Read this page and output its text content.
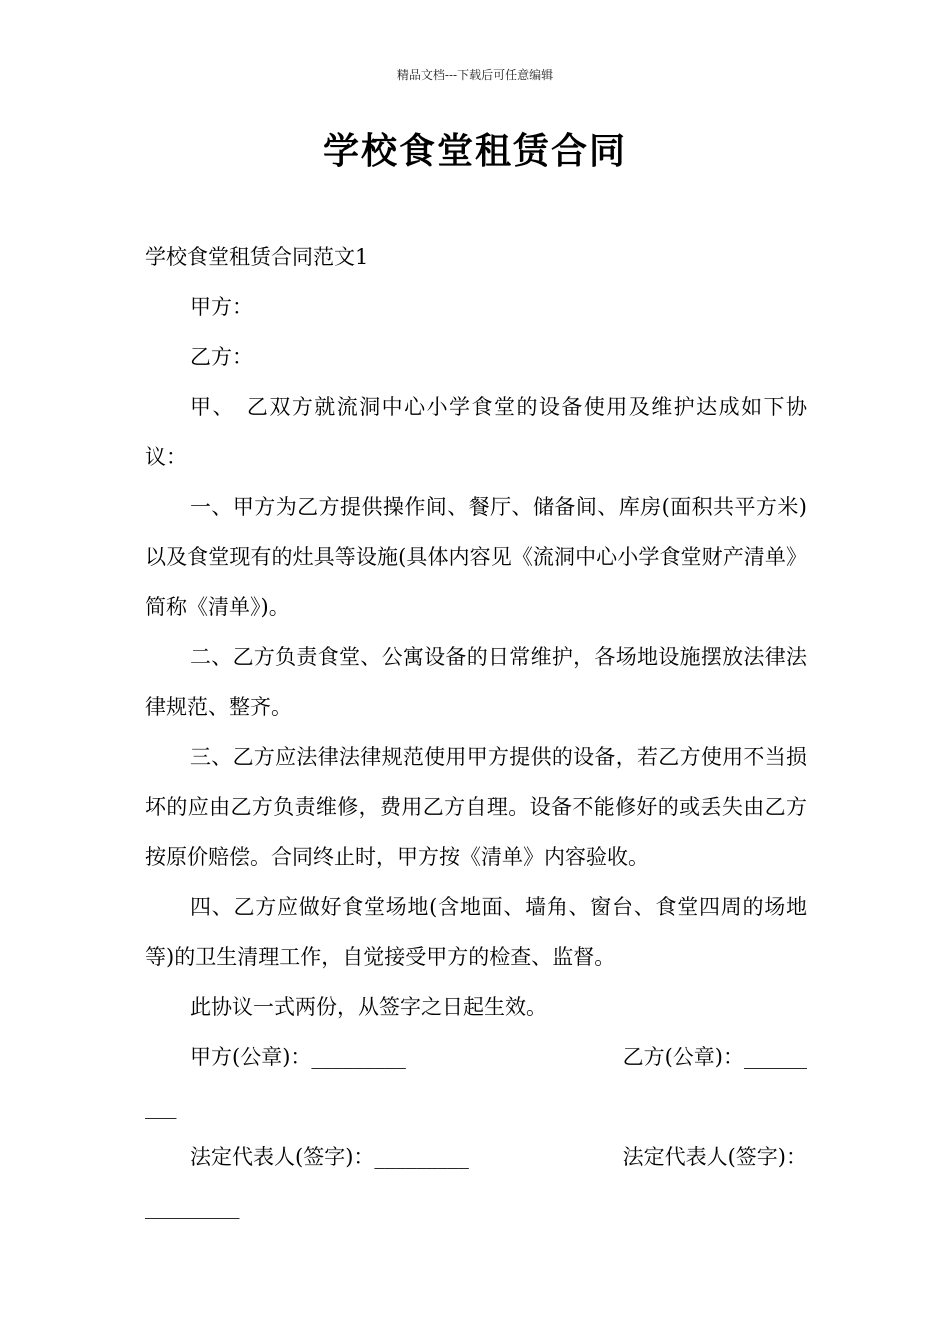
精品文档---下载后可任意编辑
学校食堂租赁合同

学校食堂租赁合同范文1

甲方：

乙方：

甲、　乙双方就流洞中心小学食堂的设备使用及维护达成如下协议：

一、甲方为乙方提供操作间、餐厅、储备间、库房(面积共平方米)以及食堂现有的灶具等设施(具体内容见《流洞中心小学食堂财产清单》简称《清单》)。

二、乙方负责食堂、公寓设备的日常维护，各场地设施摆放法律法律规范、整齐。

三、乙方应法律法律规范使用甲方提供的设备，若乙方使用不当损坏的应由乙方负责维修，费用乙方自理。设备不能修好的或丢失由乙方按原价赔偿。合同终止时，甲方按《清单》内容验收。

四、乙方应做好食堂场地(含地面、墙角、窗台、食堂四周的场地等)的卫生清理工作，自觉接受甲方的检查、监督。

此协议一式两份，从签字之日起生效。

甲方(公章)：_________	乙方(公章)：______

___

法定代表人(签字)：_________	法定代表人(签字)：

_________
